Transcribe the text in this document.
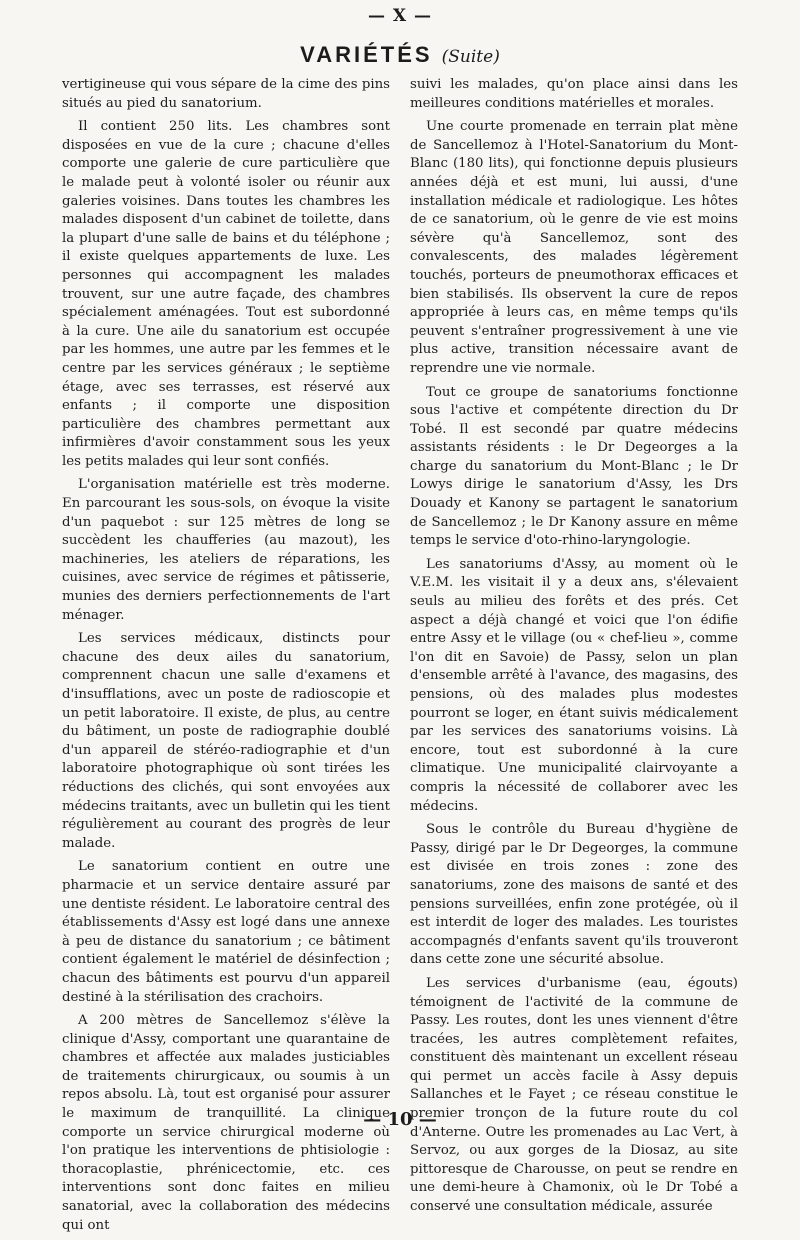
— X —
VARIÉTÉS (Suite)

vertigineuse qui vous sépare de la cime des pins situés au pied du sanatorium.

Il contient 250 lits. Les chambres sont disposées en vue de la cure ; chacune d'elles comporte une galerie de cure particulière que le malade peut à volonté isoler ou réunir aux galeries voisines. Dans toutes les chambres les malades disposent d'un cabinet de toilette, dans la plupart d'une salle de bains et du téléphone ; il existe quelques appartements de luxe. Les personnes qui accompagnent les malades trouvent, sur une autre façade, des chambres spécialement aménagées. Tout est subordonné à la cure. Une aile du sanatorium est occupée par les hommes, une autre par les femmes et le centre par les services généraux ; le septième étage, avec ses terrasses, est réservé aux enfants ; il comporte une disposition particulière des chambres permettant aux infirmières d'avoir constamment sous les yeux les petits malades qui leur sont confiés.

L'organisation matérielle est très moderne. En parcourant les sous-sols, on évoque la visite d'un paquebot : sur 125 mètres de long se succèdent les chaufferies (au mazout), les machineries, les ateliers de réparations, les cuisines, avec service de régimes et pâtisserie, munies des derniers perfectionnements de l'art ménager.

Les services médicaux, distincts pour chacune des deux ailes du sanatorium, comprennent chacun une salle d'examens et d'insufflations, avec un poste de radioscopie et un petit laboratoire. Il existe, de plus, au centre du bâtiment, un poste de radiographie doublé d'un appareil de stéréo-radiographie et d'un laboratoire photographique où sont tirées les réductions des clichés, qui sont envoyées aux médecins traitants, avec un bulletin qui les tient régulièrement au courant des progrès de leur malade.

Le sanatorium contient en outre une pharmacie et un service dentaire assuré par une dentiste résident. Le laboratoire central des établissements d'Assy est logé dans une annexe à peu de distance du sanatorium ; ce bâtiment contient également le matériel de désinfection ; chacun des bâtiments est pourvu d'un appareil destiné à la stérilisation des crachoirs.

A 200 mètres de Sancellemoz s'élève la clinique d'Assy, comportant une quarantaine de chambres et affectée aux malades justiciables de traitements chirurgicaux, ou soumis à un repos absolu. Là, tout est organisé pour assurer le maximum de tranquillité. La clinique comporte un service chirurgical moderne où l'on pratique les interventions de phtisiologie : thoracoplastie, phrénicectomie, etc. ces interventions sont donc faites en milieu sanatorial, avec la collaboration des médecins qui ont

suivi les malades, qu'on place ainsi dans les meilleures conditions matérielles et morales.

Une courte promenade en terrain plat mène de Sancellemoz à l'Hotel-Sanatorium du Mont-Blanc (180 lits), qui fonctionne depuis plusieurs années déjà et est muni, lui aussi, d'une installation médicale et radiologique. Les hôtes de ce sanatorium, où le genre de vie est moins sévère qu'à Sancellemoz, sont des convalescents, des malades légèrement touchés, porteurs de pneumothorax efficaces et bien stabilisés. Ils observent la cure de repos appropriée à leurs cas, en même temps qu'ils peuvent s'entraîner progressivement à une vie plus active, transition nécessaire avant de reprendre une vie normale.

Tout ce groupe de sanatoriums fonctionne sous l'active et compétente direction du Dr Tobé. Il est secondé par quatre médecins assistants résidents : le Dr Degeorges a la charge du sanatorium du Mont-Blanc ; le Dr Lowys dirige le sanatorium d'Assy, les Drs Douady et Kanony se partagent le sanatorium de Sancellemoz ; le Dr Kanony assure en même temps le service d'oto-rhino-laryngologie.

Les sanatoriums d'Assy, au moment où le V.E.M. les visitait il y a deux ans, s'élevaient seuls au milieu des forêts et des prés. Cet aspect a déjà changé et voici que l'on édifie entre Assy et le village (ou « chef-lieu », comme l'on dit en Savoie) de Passy, selon un plan d'ensemble arrêté à l'avance, des magasins, des pensions, où des malades plus modestes pourront se loger, en étant suivis médicalement par les services des sanatoriums voisins. Là encore, tout est subordonné à la cure climatique. Une municipalité clairvoyante a compris la nécessité de collaborer avec les médecins.

Sous le contrôle du Bureau d'hygiène de Passy, dirigé par le Dr Degeorges, la commune est divisée en trois zones : zone des sanatoriums, zone des maisons de santé et des pensions surveillées, enfin zone protégée, où il est interdit de loger des malades. Les touristes accompagnés d'enfants savent qu'ils trouveront dans cette zone une sécurité absolue.

Les services d'urbanisme (eau, égouts) témoignent de l'activité de la commune de Passy. Les routes, dont les unes viennent d'être tracées, les autres complètement refaites, constituent dès maintenant un excellent réseau qui permet un accès facile à Assy depuis Sallanches et le Fayet ; ce réseau constitue le premier tronçon de la future route du col d'Anterne. Outre les promenades au Lac Vert, à Servoz, ou aux gorges de la Diosaz, au site pittoresque de Charousse, on peut se rendre en une demi-heure à Chamonix, où le Dr Tobé a conservé une consultation médicale, assurée

— 10 —
